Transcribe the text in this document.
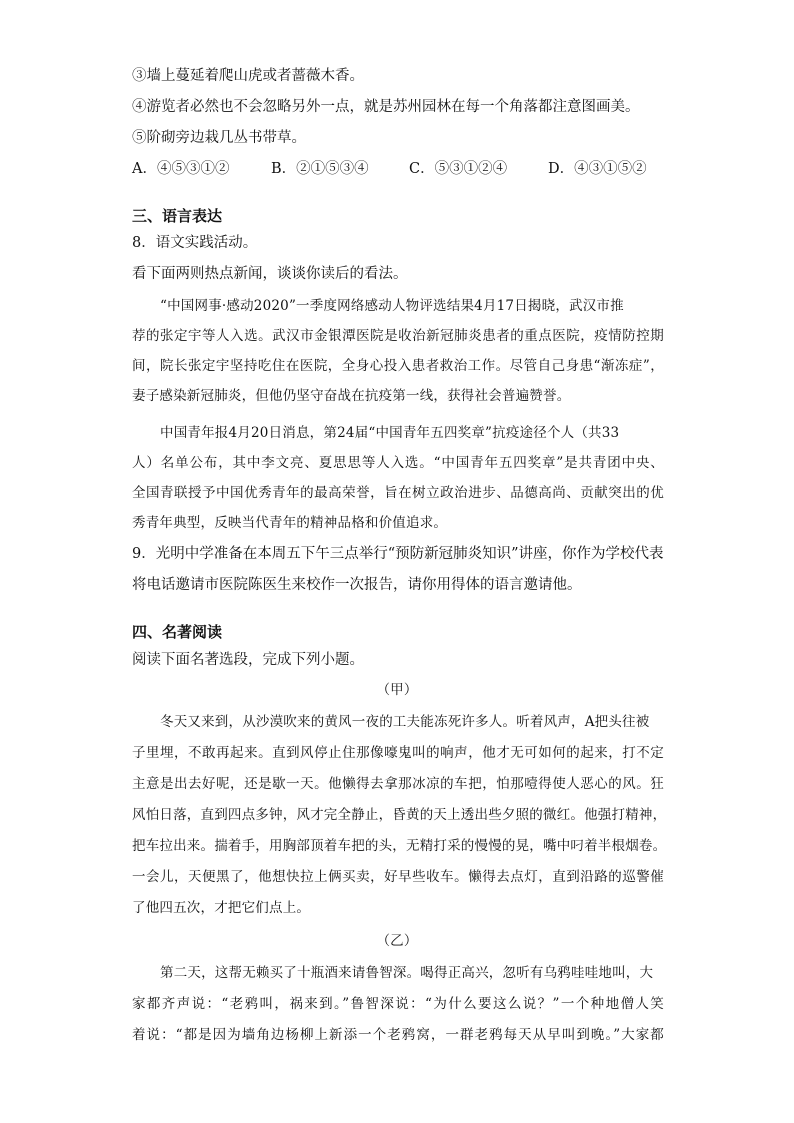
③墙上蔓延着爬山虎或者蔷薇木香。
④游览者必然也不会忽略另外一点，就是苏州园林在每一个角落都注意图画美。
⑤阶砌旁边栽几丛书带草。
A．④⑤③①②	B．②①⑤③④	C．⑤③①②④	D．④③①⑤②
三、语言表达
8．语文实践活动。
看下面两则热点新闻，谈谈你读后的看法。
“中国网事·感动2020”一季度网络感动人物评选结果4月17日揭晓，武汉市推
荐的张定宇等人入选。武汉市金银潭医院是收治新冠肺炎患者的重点医院，疫情防控期
间，院长张定宇坚持吃住在医院，全身心投入患者救治工作。尽管自己身患“渐冻症”，
妻子感染新冠肺炎，但他仍坚守奋战在抗疫第一线，获得社会普遍赞誉。
中国青年报4月20日消息，第24届“中国青年五四奖章”抗疫途径个人（共33
人）名单公布，其中李文亮、夏思思等人入选。“中国青年五四奖章”是共青团中央、
全国青联授予中国优秀青年的最高荣誉，旨在树立政治进步、品德高尚、贡献突出的优
秀青年典型，反映当代青年的精神品格和价值追求。
9．光明中学准备在本周五下午三点举行“预防新冠肺炎知识”讲座，你作为学校代表
将电话邀请市医院陈医生来校作一次报告，请你用得体的语言邀请他。
四、名著阅读
阅读下面名著选段，完成下列小题。
（甲）
冬天又来到，从沙漠吹来的黄风一夜的工夫能冻死许多人。听着风声，A把头往被
子里埋，不敢再起来。直到风停止住那像嚎鬼叫的响声，他才无可如何的起来，打不定
主意是出去好呢，还是歇一天。他懒得去拿那冰凉的车把，怕那噎得使人恶心的风。狂
风怕日落，直到四点多钟，风才完全静止，昏黄的天上透出些夕照的微红。他强打精神，
把车拉出来。揣着手，用胸部顶着车把的头，无精打采的慢慢的晃，嘴中叼着半根烟卷。
一会儿，天便黑了，他想快拉上俩买卖，好早些收车。懒得去点灯，直到沿路的巡警催
了他四五次，才把它们点上。
（乙）
第二天，这帮无赖买了十瓶酒来请鲁智深。喝得正高兴，忽听有乌鸦哇哇地叫，大
家都齐声说：“老鸦叫，祸来到。”鲁智深说：“为什么要这么说？”一个种地僧人笑
着说：“都是因为墙角边杨柳上新添一个老鸦窝，一群老鸦每天从早叫到晚。”大家都
